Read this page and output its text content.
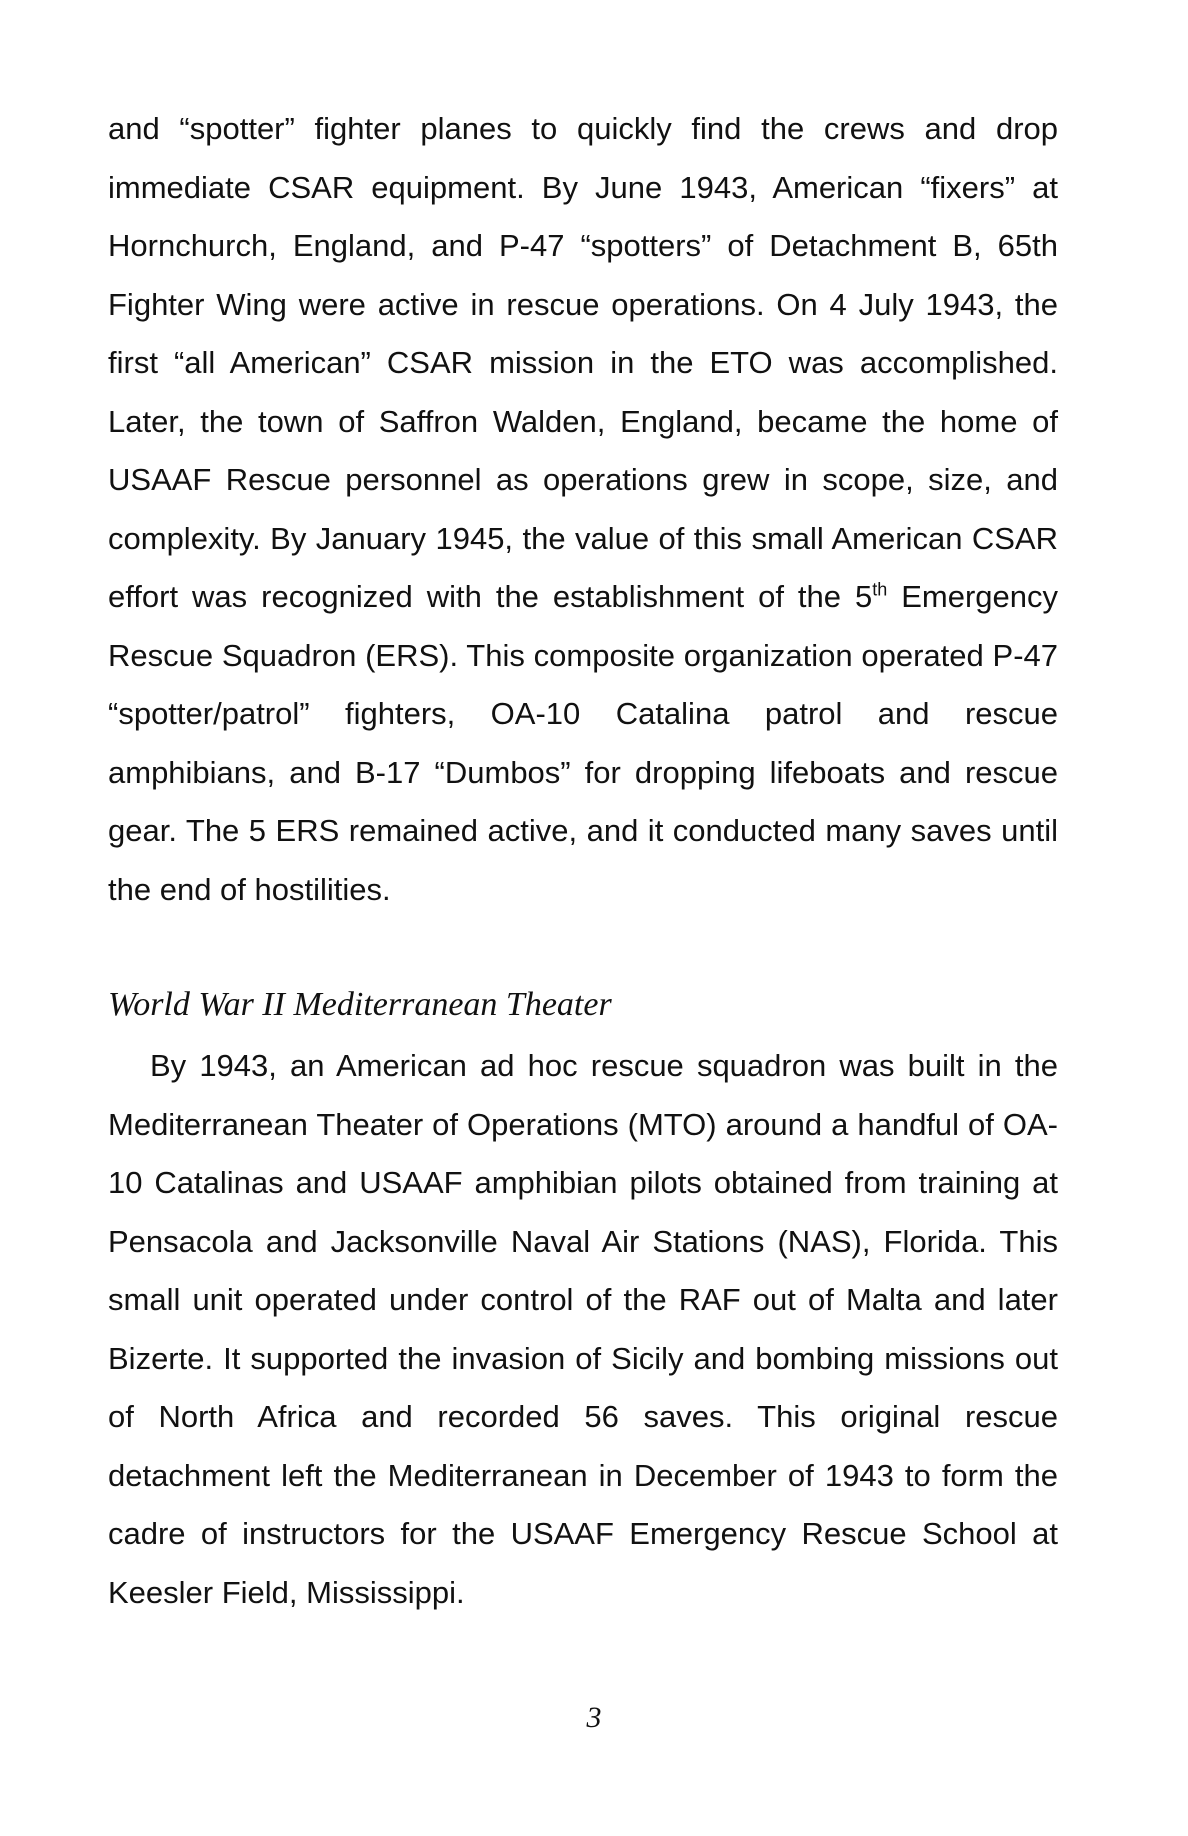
and “spotter” fighter planes to quickly find the crews and drop immediate CSAR equipment. By June 1943, American “fixers” at Hornchurch, England, and P-47 “spotters” of Detachment B, 65th Fighter Wing were active in rescue operations. On 4 July 1943, the first “all American” CSAR mission in the ETO was accomplished. Later, the town of Saffron Walden, England, became the home of USAAF Rescue personnel as operations grew in scope, size, and complexity. By January 1945, the value of this small American CSAR effort was recognized with the establishment of the 5th Emergency Rescue Squadron (ERS). This composite organization operated P-47 “spotter/patrol” fighters, OA-10 Catalina patrol and rescue amphibians, and B-17 “Dumbos” for dropping lifeboats and rescue gear. The 5 ERS remained active, and it conducted many saves until the end of hostilities.

World War II Mediterranean Theater

By 1943, an American ad hoc rescue squadron was built in the Mediterranean Theater of Operations (MTO) around a handful of OA-10 Catalinas and USAAF amphibian pilots obtained from training at Pensacola and Jacksonville Naval Air Stations (NAS), Florida. This small unit operated under control of the RAF out of Malta and later Bizerte. It supported the invasion of Sicily and bombing missions out of North Africa and recorded 56 saves. This original rescue detachment left the Mediterranean in December of 1943 to form the cadre of instructors for the USAAF Emergency Rescue School at Keesler Field, Mississippi.

3
